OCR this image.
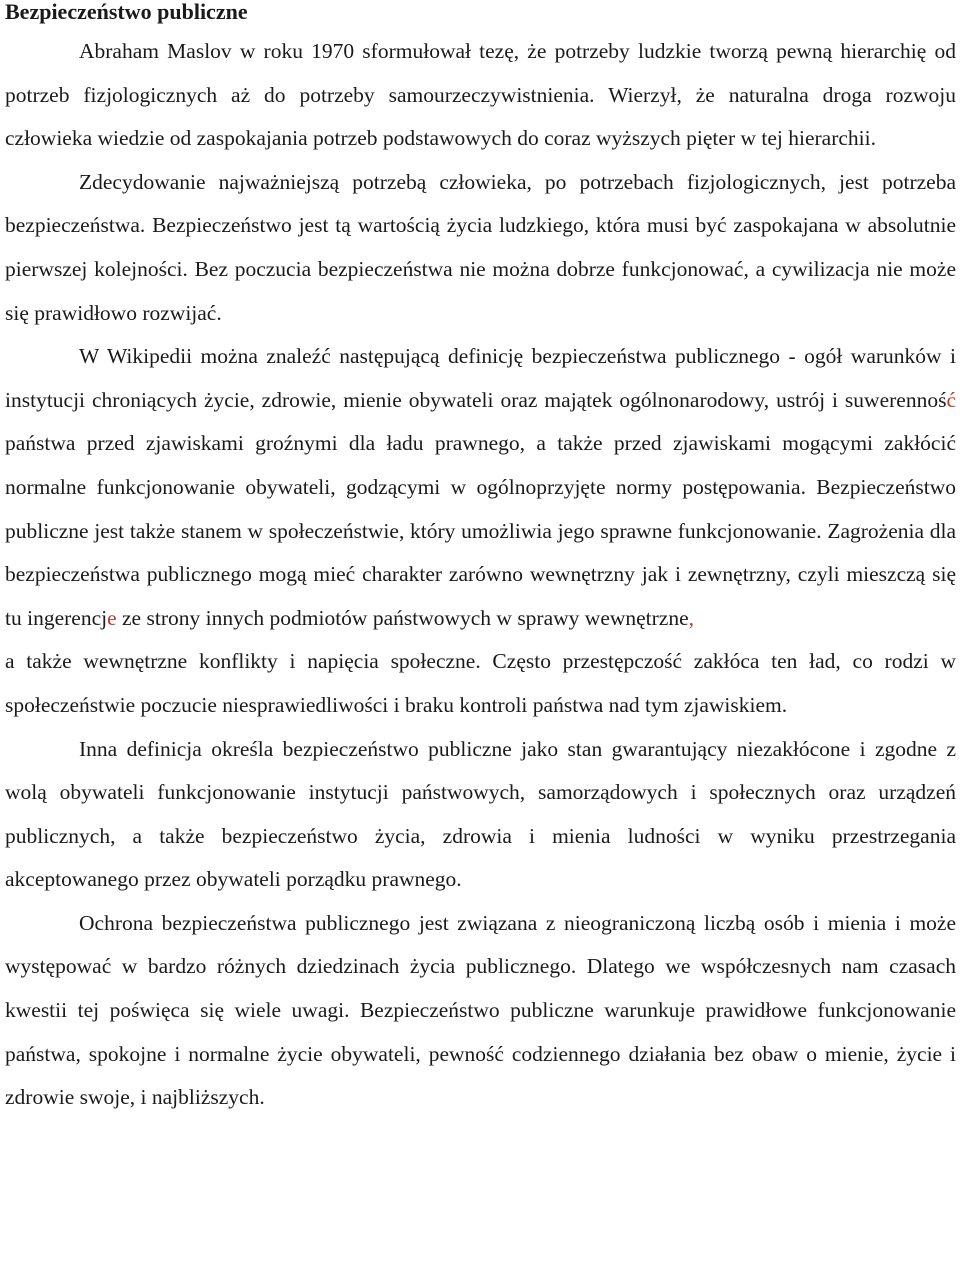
Bezpieczeństwo publiczne

Abraham Maslov w roku 1970 sformułował tezę, że potrzeby ludzkie tworzą pewną hierarchię od potrzeb fizjologicznych aż do potrzeby samourzeczywistnienia. Wierzył, że naturalna droga rozwoju człowieka wiedzie od zaspokajania potrzeb podstawowych do coraz wyższych pięter w tej hierarchii.

Zdecydowanie najważniejszą potrzebą człowieka, po potrzebach fizjologicznych, jest potrzeba bezpieczeństwa. Bezpieczeństwo jest tą wartością życia ludzkiego, która musi być zaspokajana w absolutnie pierwszej kolejności. Bez poczucia bezpieczeństwa nie można dobrze funkcjonować, a cywilizacja nie może się prawidłowo rozwijać.

W Wikipedii można znaleźć następującą definicję bezpieczeństwa publicznego - ogół warunków i instytucji chroniących życie, zdrowie, mienie obywateli oraz majątek ogólnonarodowy, ustrój i suwerenność państwa przed zjawiskami groźnymi dla ładu prawnego, a także przed zjawiskami mogącymi zakłócić normalne funkcjonowanie obywateli, godzącymi w ogólnoprzyjęte normy postępowania. Bezpieczeństwo publiczne jest także stanem w społeczeństwie, który umożliwia jego sprawne funkcjonowanie. Zagrożenia dla bezpieczeństwa publicznego mogą mieć charakter zarówno wewnętrzny jak i zewnętrzny, czyli mieszczą się tu ingerencje ze strony innych podmiotów państwowych w sprawy wewnętrzne,

a także wewnętrzne konflikty i napięcia społeczne. Często przestępczość zakłóca ten ład, co rodzi w społeczeństwie poczucie niesprawiedliwości i braku kontroli państwa nad tym zjawiskiem.

Inna definicja określa bezpieczeństwo publiczne jako stan gwarantujący niezakłócone i zgodne z wolą obywateli funkcjonowanie instytucji państwowych, samorządowych i społecznych oraz urządzeń publicznych, a także bezpieczeństwo życia, zdrowia i mienia ludności w wyniku przestrzegania akceptowanego przez obywateli porządku prawnego.

Ochrona bezpieczeństwa publicznego jest związana z nieograniczoną liczbą osób i mienia i może występować w bardzo różnych dziedzinach życia publicznego. Dlatego we współczesnych nam czasach kwestii tej poświęca się wiele uwagi. Bezpieczeństwo publiczne warunkuje prawidłowe funkcjonowanie państwa, spokojne i normalne życie obywateli, pewność codziennego działania bez obaw o mienie, życie i zdrowie swoje, i najbliższych.
